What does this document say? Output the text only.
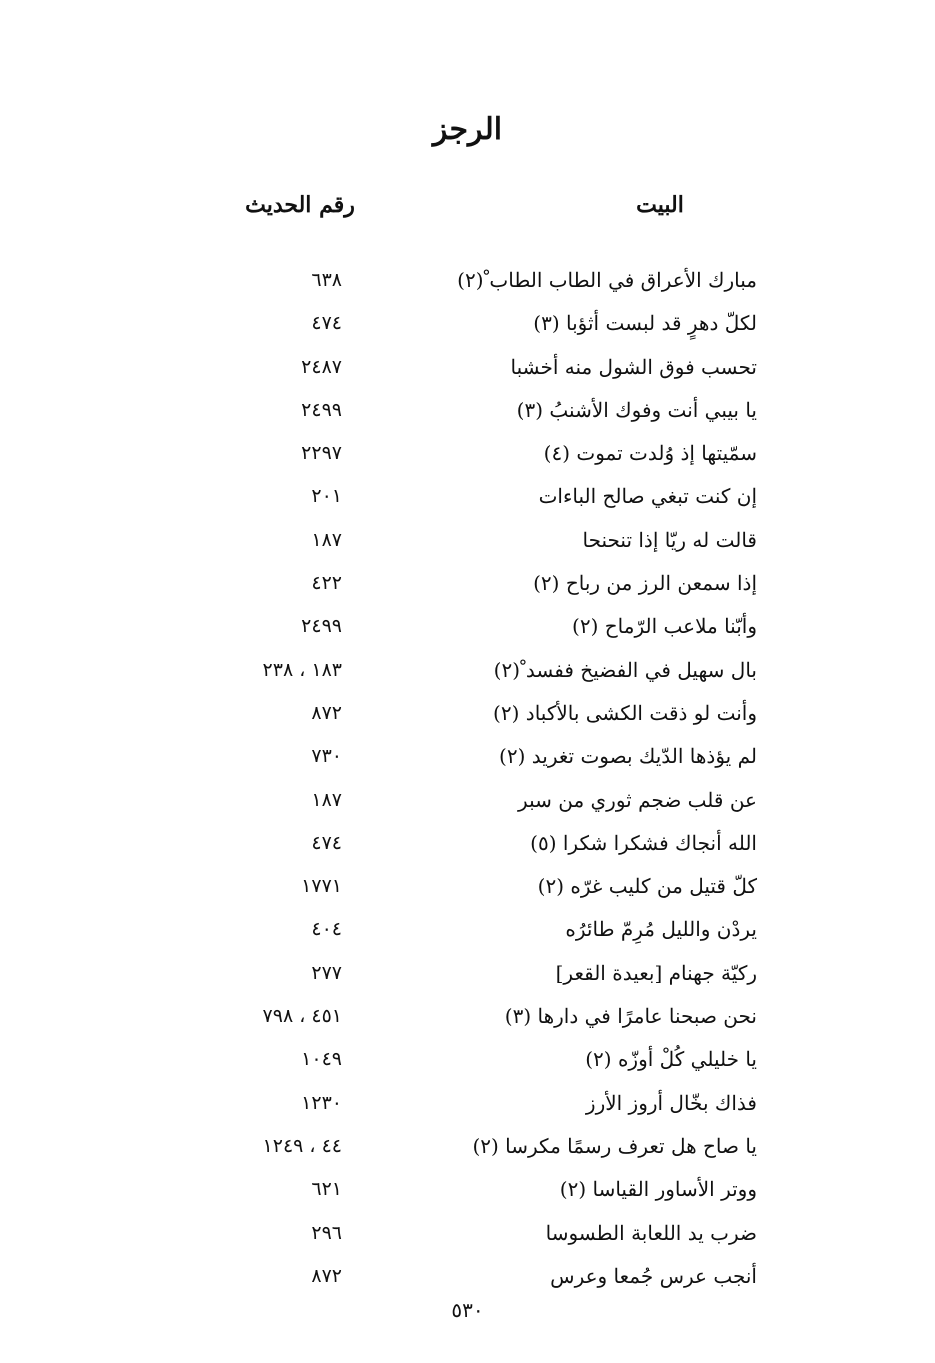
الرجز
البيت
رقم الحديث
مبارك الأعراق في الطاب الطاب ْ(٢)
٦٣٨
لكلّ دهرٍ قد لبست أثؤبا (٣)
٤٧٤
تحسب فوق الشول منه أخشبا
٢٤٨٧
يا بيبي أنت وفوك الأشنبُ (٣)
٢٤٩٩
سمّيتها إذ وُلدت تموت (٤)
٢٢٩٧
إن كنت تبغي صالح الباءات
٢٠١
قالت له ريّا إذا تنحنحا
١٨٧
إذا سمعن الرز من رباح (٢)
٤٢٢
وأبّنا ملاعب الرّماح (٢)
٢٤٩٩
بال سهيل في الفضيخ ففسد ْ(٢)
١٨٣ ، ٢٣٨
وأنت لو ذقت الكشى بالأكباد (٢)
٨٧٢
لم يؤذها الدّيك بصوت تغريد (٢)
٧٣٠
عن قلب ضجم ثوري من سبر
١٨٧
الله أنجاك فشكرا شكرا (٥)
٤٧٤
كلّ قتيل من كليب غرّه (٢)
١٧٧١
يردْن والليل مُرِمّ طائرُه
٤٠٤
ركيّة جهنام [بعيدة القعر]
٢٧٧
نحن صبحنا عامرًا في دارها (٣)
٤٥١ ، ٧٩٨
يا خليلي كُلْ أوزّه (٢)
١٠٤٩
فذاك بخّال أروز الأرز
١٢٣٠
يا صاح هل تعرف رسمًا مكرسا (٢)
٤٤ ، ١٢٤٩
ووتر الأساور القياسا (٢)
٦٢١
ضرب يد اللعابة الطسوسا
٢٩٦
أنجب عرس جُمعا وعرس
٨٧٢
٥٣٠
